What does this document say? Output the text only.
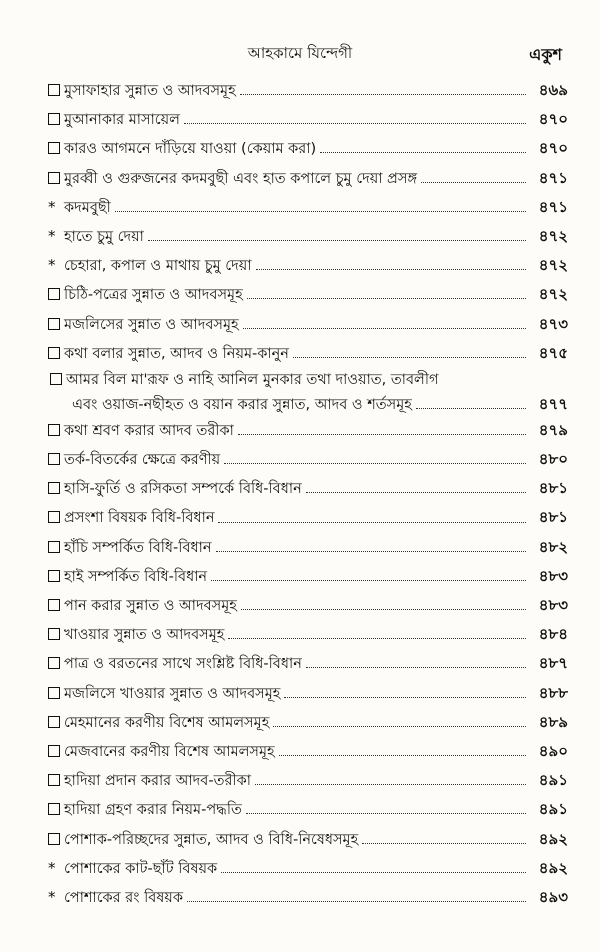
আহকামে যিন্দেগী	একুশ
মুসাফাহার সুন্নাত ও আদবসমূহ	৪৬৯
মুআনাকার মাসায়েল	৪৭০
কারও আগমনে দাঁড়িয়ে যাওয়া (কেয়াম করা)	৪৭০
মুরব্বী ও গুরুজনের কদমবুছী এবং হাত কপালে চুমু দেয়া প্রসঙ্গ	৪৭১
* কদমবুছী	৪৭১
* হাতে চুমু দেয়া	৪৭২
* চেহারা, কপাল ও মাথায় চুমু দেয়া	৪৭২
চিঠি-পত্রের সুন্নাত ও আদবসমূহ	৪৭২
মজলিসের সুন্নাত ও আদবসমূহ	৪৭৩
কথা বলার সুন্নাত, আদব ও নিয়ম-কানুন	৪৭৫
আমর বিল মা'রূফ ও নাহি আনিল মুনকার তথা দাওয়াত, তাবলীগ
এবং ওয়াজ-নছীহত ও বয়ান করার সুন্নাত, আদব ও শর্তসমূহ	৪৭৭
কথা শ্রবণ করার আদব তরীকা	৪৭৯
তর্ক-বিতর্কের ক্ষেত্রে করণীয়	৪৮০
হাসি-ফুর্তি ও রসিকতা সম্পর্কে বিধি-বিধান	৪৮১
প্রসংশা বিষয়ক বিধি-বিধান	৪৮১
হাঁচি সম্পর্কিত বিধি-বিধান	৪৮২
হাই সম্পর্কিত বিধি-বিধান	৪৮৩
পান করার সুন্নাত ও আদবসমূহ	৪৮৩
খাওয়ার সুন্নাত ও আদবসমূহ	৪৮৪
পাত্র ও বরতনের সাথে সংশ্লিষ্ট বিধি-বিধান	৪৮৭
মজলিসে খাওয়ার সুন্নাত ও আদবসমূহ	৪৮৮
মেহমানের করণীয় বিশেষ আমলসমূহ	৪৮৯
মেজবানের করণীয় বিশেষ আমলসমূহ	৪৯০
হাদিয়া প্রদান করার আদব-তরীকা	৪৯১
হাদিয়া গ্রহণ করার নিয়ম-পদ্ধতি	৪৯১
পোশাক-পরিচ্ছদের সুন্নাত, আদব ও বিধি-নিষেধসমূহ	৪৯২
* পোশাকের কাট-ছাঁট বিষয়ক	৪৯২
* পোশাকের রং বিষয়ক	৪৯৩
